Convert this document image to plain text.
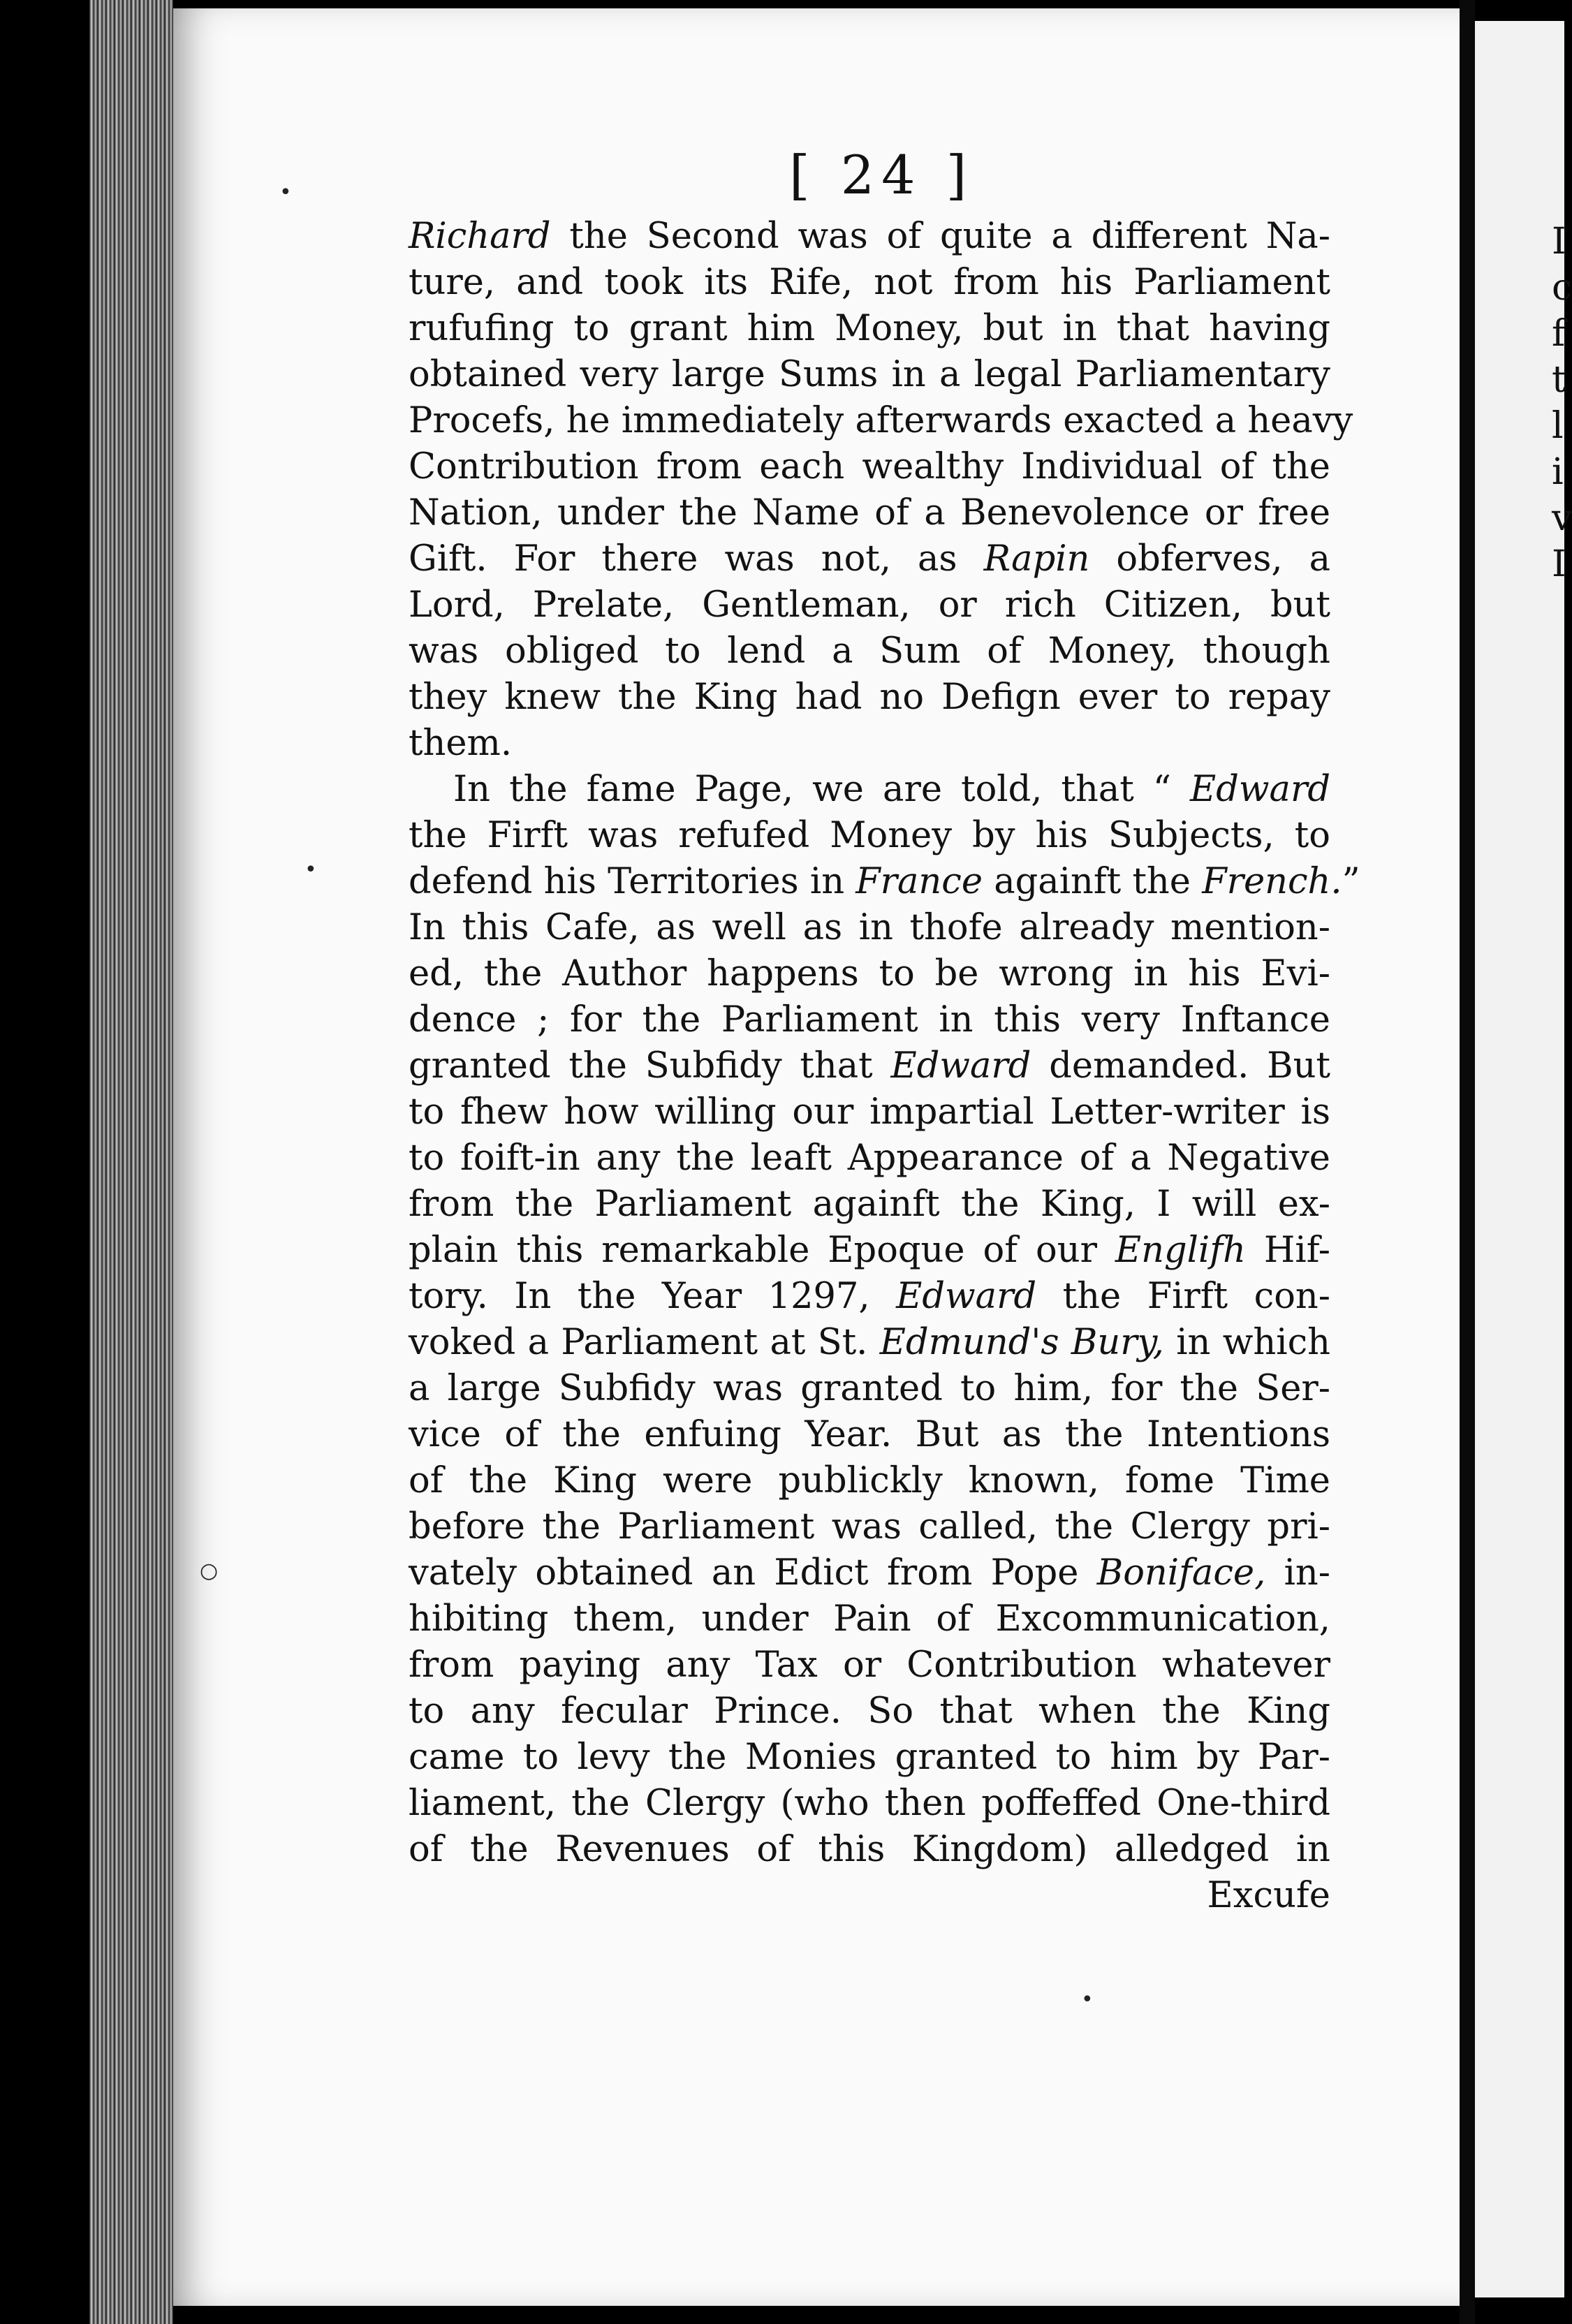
I
c
f
t
l
i
v
I
[ 24 ]
Richard the Second was of quite a different Na-
ture, and took its Rife, not from his Parliament
rufufing to grant him Money, but in that having
obtained very large Sums in a legal Parliamentary
Procefs, he immediately afterwards exacted a heavy
Contribution from each wealthy Individual of the
Nation, under the Name of a Benevolence or free
Gift. For there was not, as Rapin obferves, a
Lord, Prelate, Gentleman, or rich Citizen, but
was obliged to lend a Sum of Money, though
they knew the King had no Defign ever to repay
them.
In the fame Page, we are told, that “ Edward
the Firft was refufed Money by his Subjects, to
defend his Territories in France againft the French.”
In this Cafe, as well as in thofe already mention-
ed, the Author happens to be wrong in his Evi-
dence ; for the Parliament in this very Inftance
granted the Subfidy that Edward demanded. But
to fhew how willing our impartial Letter-writer is
to foift-in any the leaft Appearance of a Negative
from the Parliament againft the King, I will ex-
plain this remarkable Epoque of our Englifh Hif-
tory. In the Year 1297, Edward the Firft con-
voked a Parliament at St. Edmund's Bury, in which
a large Subfidy was granted to him, for the Ser-
vice of the enfuing Year. But as the Intentions
of the King were publickly known, fome Time
before the Parliament was called, the Clergy pri-
vately obtained an Edict from Pope Boniface, in-
hibiting them, under Pain of Excommunication,
from paying any Tax or Contribution whatever
to any fecular Prince. So that when the King
came to levy the Monies granted to him by Par-
liament, the Clergy (who then poffeffed One-third
of the Revenues of this Kingdom) alledged in
Excufe
•
•
○
•
